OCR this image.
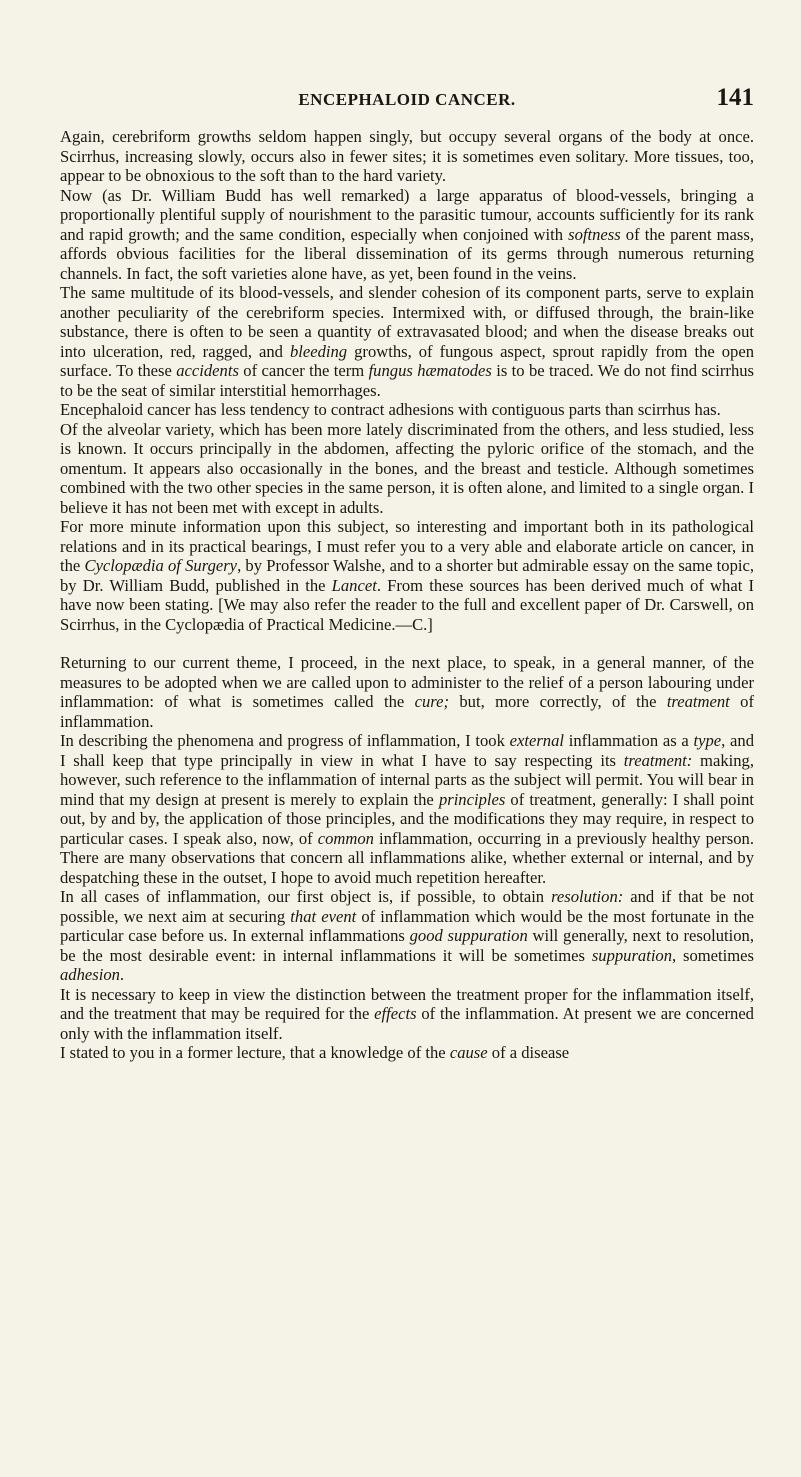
ENCEPHALOID CANCER.	141

Again, cerebriform growths seldom happen singly, but occupy several organs of the body at once. Scirrhus, increasing slowly, occurs also in fewer sites; it is sometimes even solitary. More tissues, too, appear to be obnoxious to the soft than to the hard variety.

Now (as Dr. William Budd has well remarked) a large apparatus of blood-vessels, bringing a proportionally plentiful supply of nourishment to the parasitic tumour, accounts sufficiently for its rank and rapid growth; and the same condition, especially when conjoined with softness of the parent mass, affords obvious facilities for the liberal dissemination of its germs through numerous returning channels. In fact, the soft varieties alone have, as yet, been found in the veins.

The same multitude of its blood-vessels, and slender cohesion of its component parts, serve to explain another peculiarity of the cerebriform species. Intermixed with, or diffused through, the brain-like substance, there is often to be seen a quantity of extravasated blood; and when the disease breaks out into ulceration, red, ragged, and bleeding growths, of fungous aspect, sprout rapidly from the open surface. To these accidents of cancer the term fungus hæmatodes is to be traced. We do not find scirrhus to be the seat of similar interstitial hemorrhages.

Encephaloid cancer has less tendency to contract adhesions with contiguous parts than scirrhus has.

Of the alveolar variety, which has been more lately discriminated from the others, and less studied, less is known. It occurs principally in the abdomen, affecting the pyloric orifice of the stomach, and the omentum. It appears also occasionally in the bones, and the breast and testicle. Although sometimes combined with the two other species in the same person, it is often alone, and limited to a single organ. I believe it has not been met with except in adults.

For more minute information upon this subject, so interesting and important both in its pathological relations and in its practical bearings, I must refer you to a very able and elaborate article on cancer, in the Cyclopædia of Surgery, by Professor Walshe, and to a shorter but admirable essay on the same topic, by Dr. William Budd, published in the Lancet. From these sources has been derived much of what I have now been stating. [We may also refer the reader to the full and excellent paper of Dr. Carswell, on Scirrhus, in the Cyclopædia of Practical Medicine.—C.]

Returning to our current theme, I proceed, in the next place, to speak, in a general manner, of the measures to be adopted when we are called upon to administer to the relief of a person labouring under inflammation: of what is sometimes called the cure; but, more correctly, of the treatment of inflammation.

In describing the phenomena and progress of inflammation, I took external inflammation as a type, and I shall keep that type principally in view in what I have to say respecting its treatment: making, however, such reference to the inflammation of internal parts as the subject will permit. You will bear in mind that my design at present is merely to explain the principles of treatment, generally: I shall point out, by and by, the application of those principles, and the modifications they may require, in respect to particular cases. I speak also, now, of common inflammation, occurring in a previously healthy person. There are many observations that concern all inflammations alike, whether external or internal, and by despatching these in the outset, I hope to avoid much repetition hereafter.

In all cases of inflammation, our first object is, if possible, to obtain resolution: and if that be not possible, we next aim at securing that event of inflammation which would be the most fortunate in the particular case before us. In external inflammations good suppuration will generally, next to resolution, be the most desirable event: in internal inflammations it will be sometimes suppuration, sometimes adhesion.

It is necessary to keep in view the distinction between the treatment proper for the inflammation itself, and the treatment that may be required for the effects of the inflammation. At present we are concerned only with the inflammation itself.

I stated to you in a former lecture, that a knowledge of the cause of a disease
